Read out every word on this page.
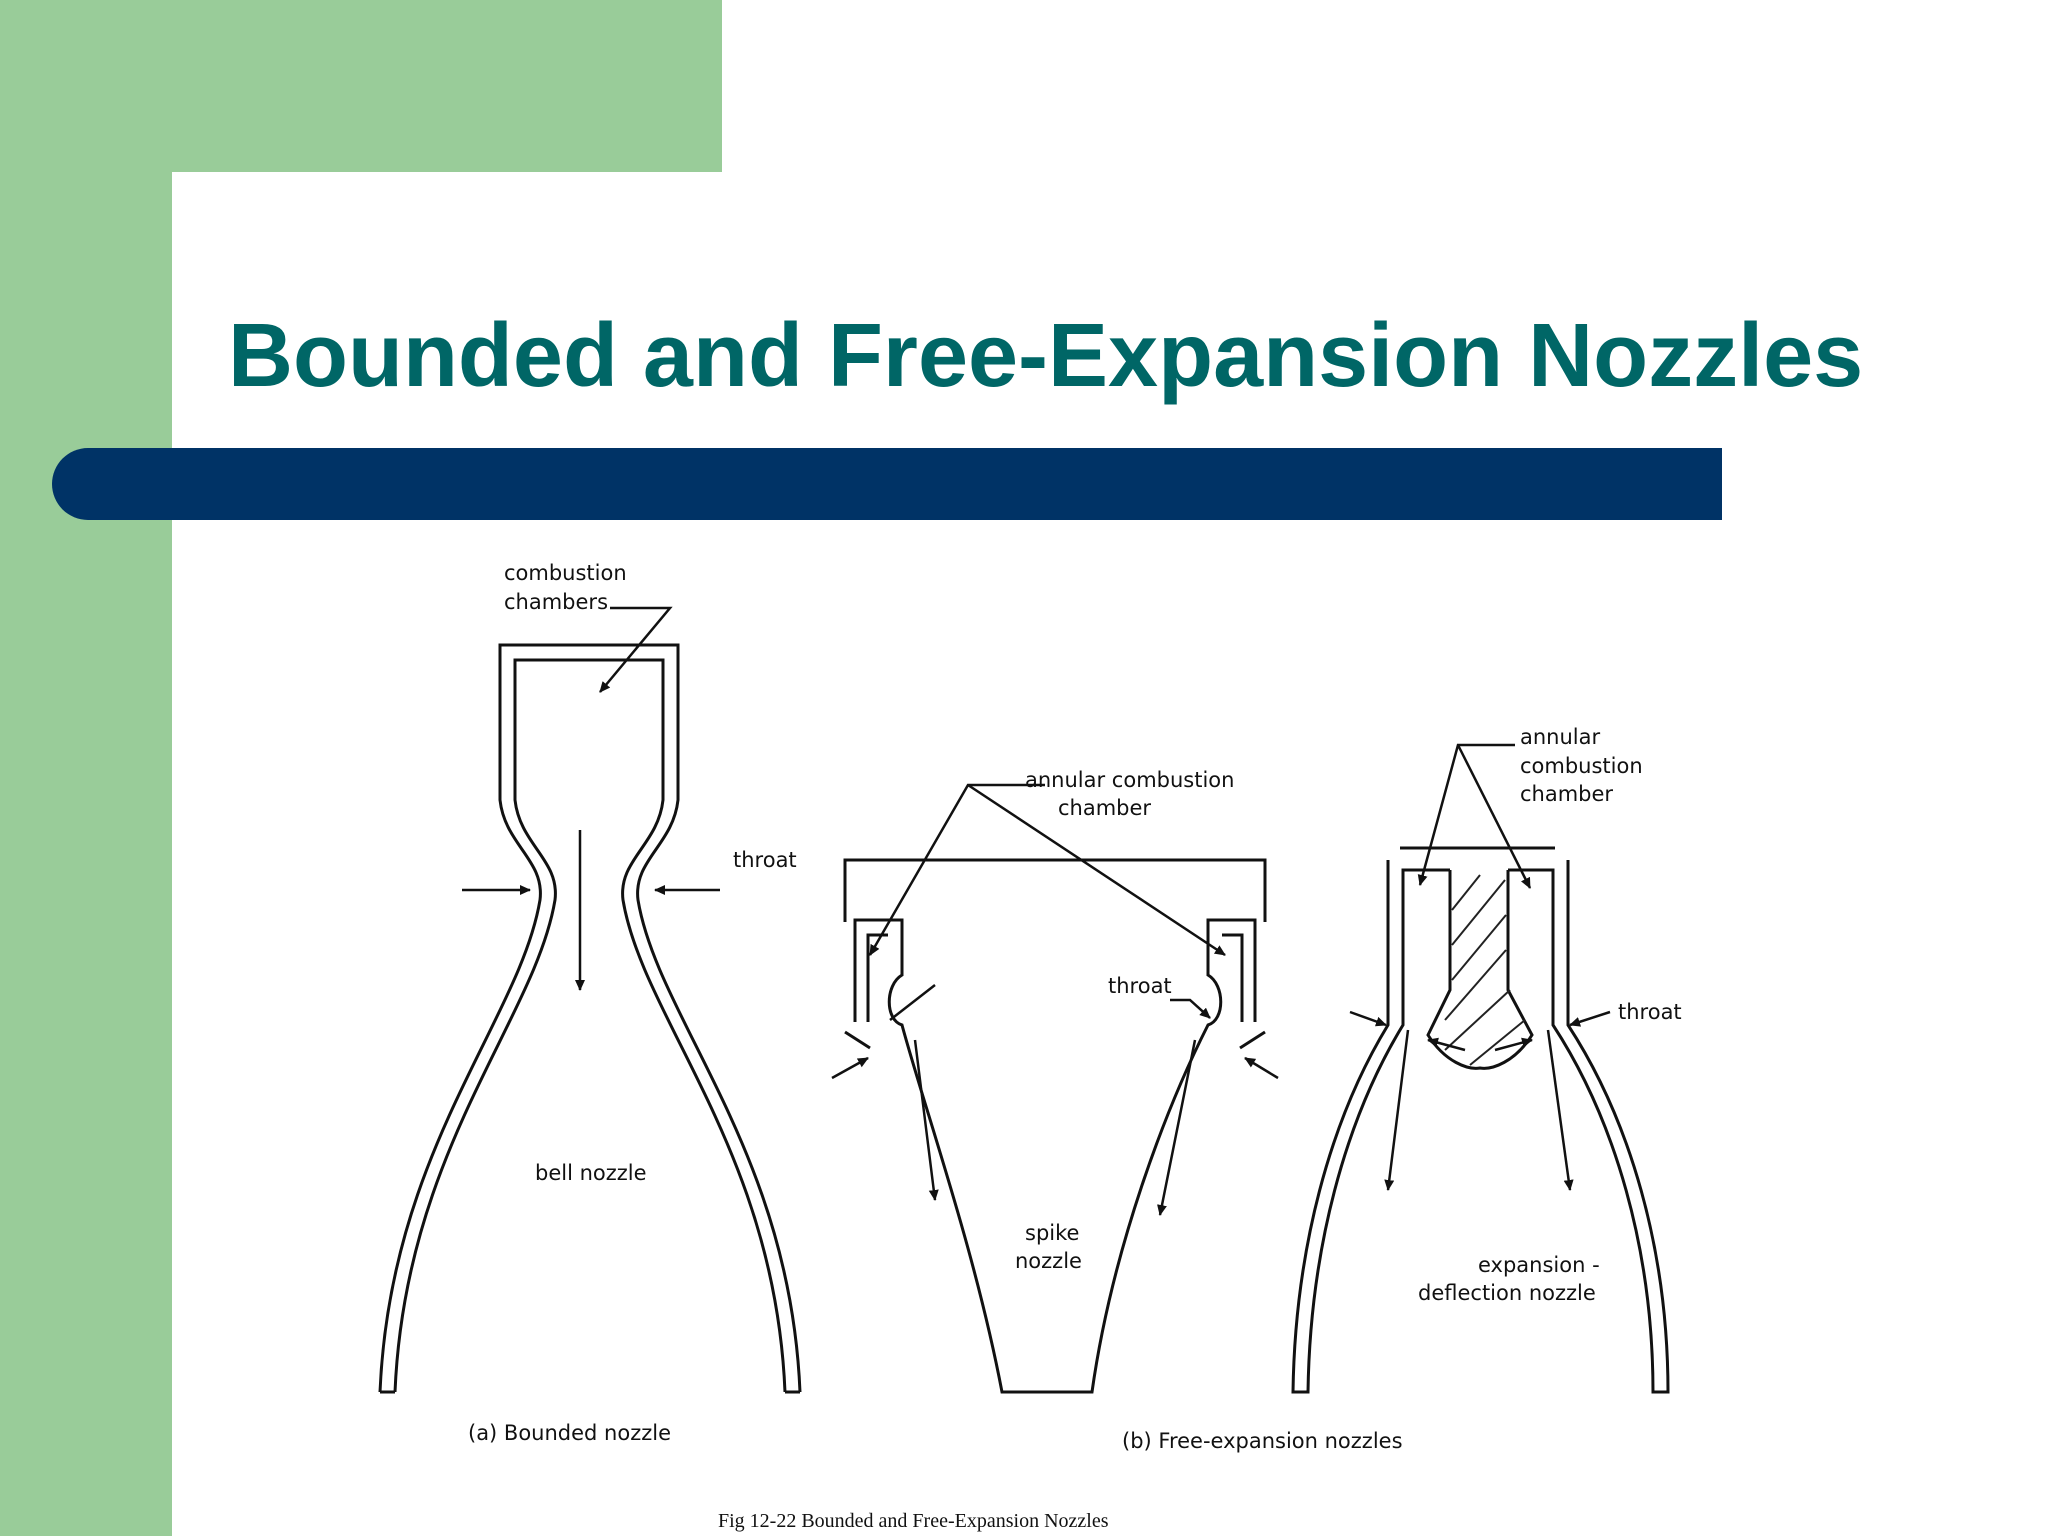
Bounded and Free-Expansion Nozzles
combustion
chambers
throat
bell nozzle
annular combustion
chamber
throat
spike
nozzle
annular
combustion
chamber
throat
expansion -
deflection nozzle
(a) Bounded nozzle	(b) Free-expansion nozzles
Fig 12-22 Bounded and Free-Expansion Nozzles
